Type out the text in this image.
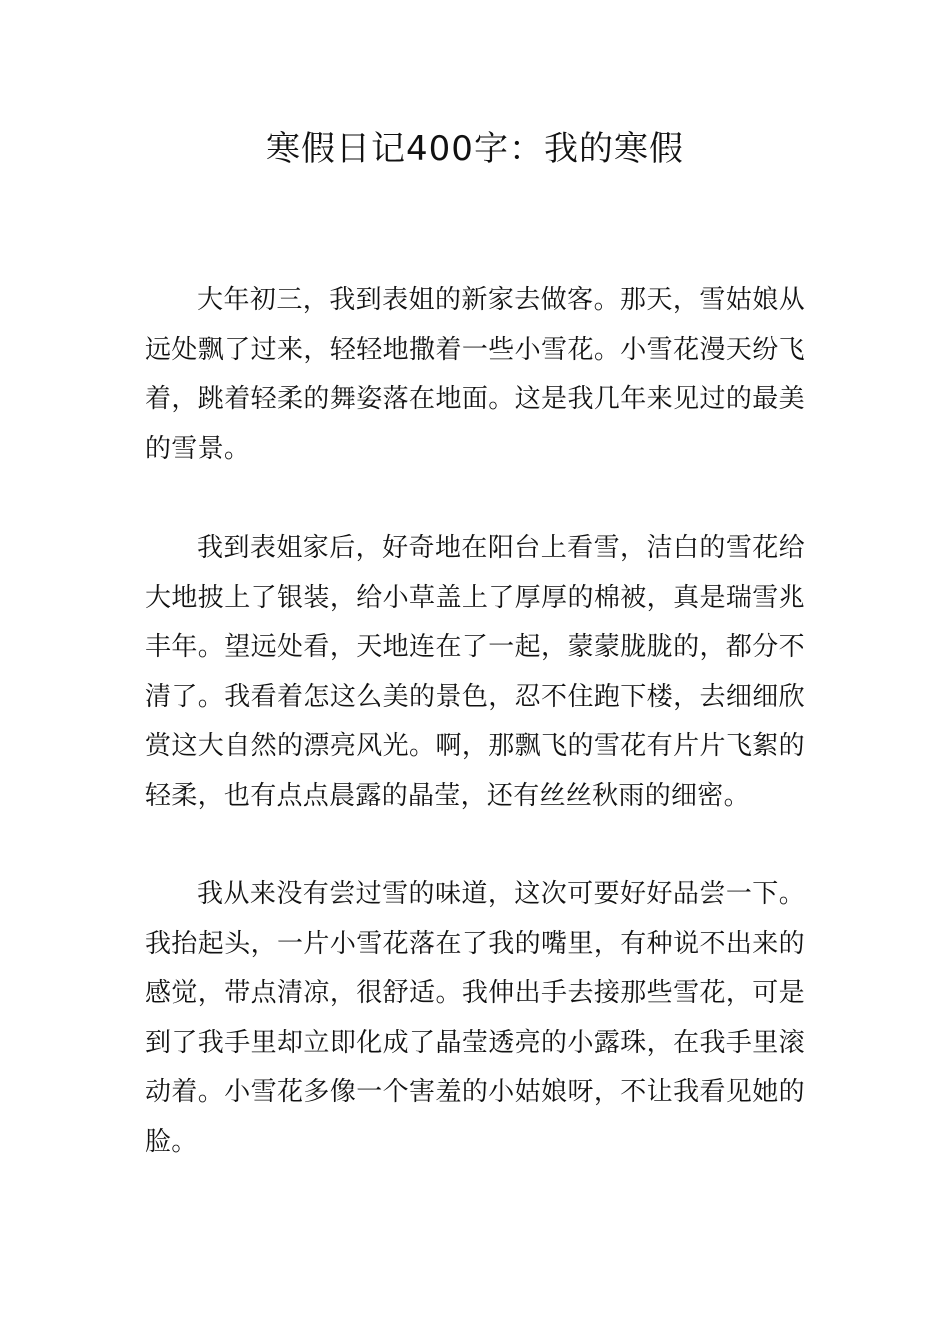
寒假日记400字：我的寒假

大年初三，我到表姐的新家去做客。那天，雪姑娘从远处飘了过来，轻轻地撒着一些小雪花。小雪花漫天纷飞着，跳着轻柔的舞姿落在地面。这是我几年来见过的最美的雪景。

我到表姐家后，好奇地在阳台上看雪，洁白的雪花给大地披上了银装，给小草盖上了厚厚的棉被，真是瑞雪兆丰年。望远处看，天地连在了一起，蒙蒙胧胧的，都分不清了。我看着怎这么美的景色，忍不住跑下楼，去细细欣赏这大自然的漂亮风光。啊，那飘飞的雪花有片片飞絮的轻柔，也有点点晨露的晶莹，还有丝丝秋雨的细密。

我从来没有尝过雪的味道，这次可要好好品尝一下。我抬起头，一片小雪花落在了我的嘴里，有种说不出来的感觉，带点清凉，很舒适。我伸出手去接那些雪花，可是到了我手里却立即化成了晶莹透亮的小露珠，在我手里滚动着。小雪花多像一个害羞的小姑娘呀，不让我看见她的脸。
